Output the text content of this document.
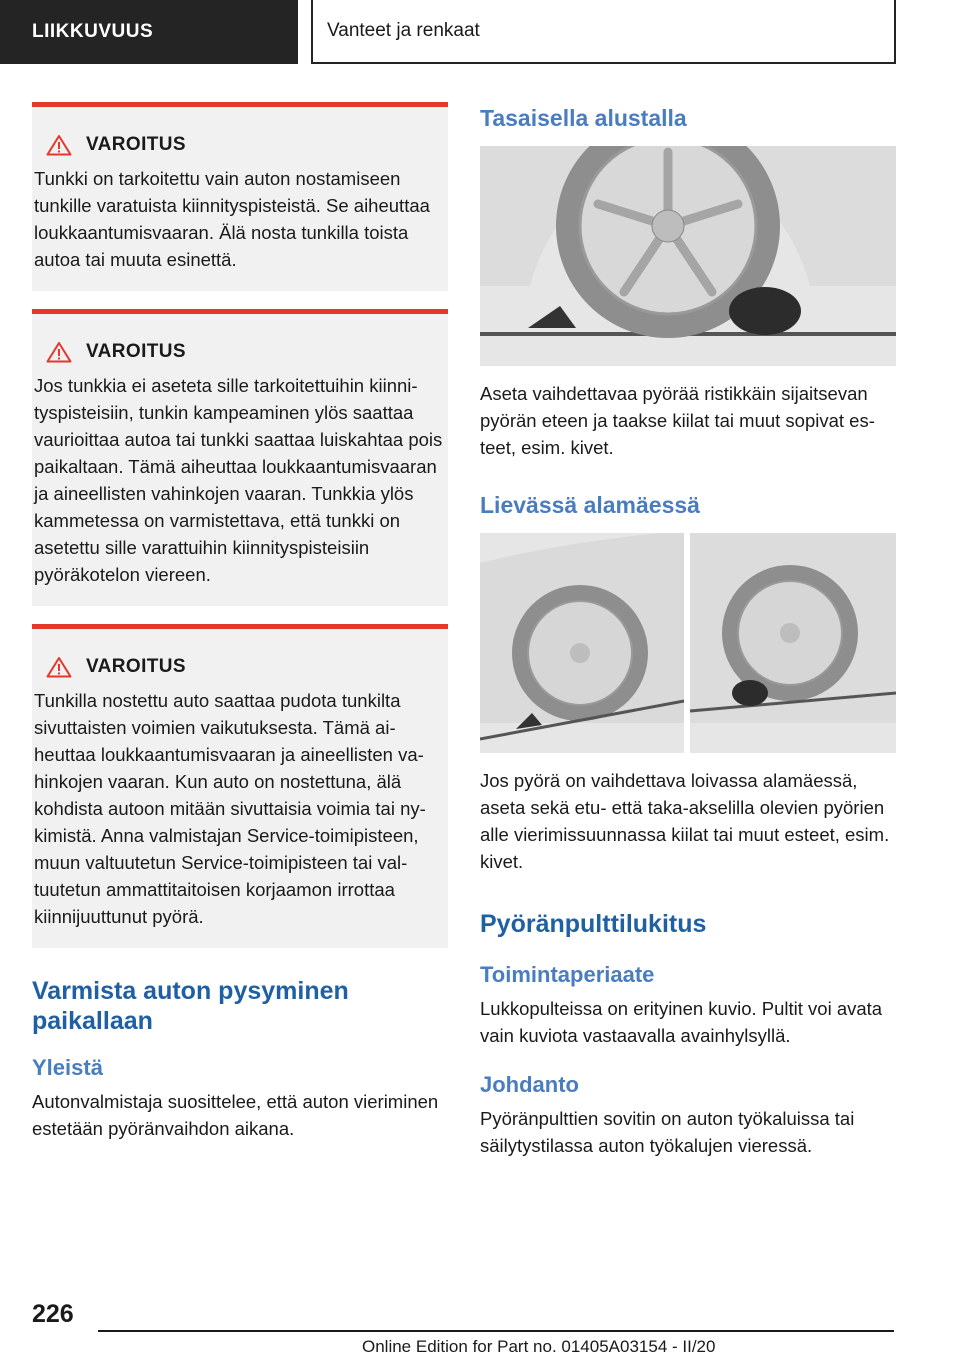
LIIKKUVUUS	Vanteet ja renkaat
VAROITUS

Tunkki on tarkoitettu vain auton nostamiseen tunkille varatuista kiinnityspisteistä. Se aiheuttaa loukkaantumisvaaran. Älä nosta tunkilla toista autoa tai muuta esinettä.

VAROITUS

Jos tunkkia ei aseteta sille tarkoitettuihin kiinnityspisteisiin, tunkin kampeaminen ylös saattaa vaurioittaa autoa tai tunkki saattaa luiskahtaa pois paikaltaan. Tämä aiheuttaa loukkaantumisvaaran ja aineellisten vahinkojen vaaran. Tunkkia ylös kammetessa on varmistettava, että tunkki on asetettu sille varattuihin kiinnityspisteisiin pyöräkotelon viereen.

VAROITUS

Tunkilla nostettu auto saattaa pudota tunkilta sivuttaisten voimien vaikutuksesta. Tämä aiheuttaa loukkaantumisvaaran ja aineellisten vahinkojen vaaran. Kun auto on nostettuna, älä kohdista autoon mitään sivuttaisia voimia tai nykimistä. Anna valmistajan Service-toimipisteen, muun valtuutetun Service-toimipisteen tai valtuutetun ammattitaitoisen korjaamon irrottaa kiinnijuuttunut pyörä.

Varmista auton pysyminen paikallaan
Yleistä

Autonvalmistaja suosittelee, että auton vieriminen estetään pyöränvaihdon aikana.

Tasaisella alustalla

Aseta vaihdettavaa pyörää ristikkäin sijaitsevan pyörän eteen ja taakse kiilat tai muut sopivat esteet, esim. kivet.

Lievässä alamäessä

Jos pyörä on vaihdettava loivassa alamäessä, aseta sekä etu- että taka-akselilla olevien pyörien alle vierimissuunnassa kiilat tai muut esteet, esim. kivet.

Pyöränpulttilukitus
Toimintaperiaate

Lukkopulteissa on erityinen kuvio. Pultit voi avata vain kuviota vastaavalla avainhylsyllä.

Johdanto

Pyöränpulttien sovitin on auton työkaluissa tai säilytystilassa auton työkalujen vieressä.

226
Online Edition for Part no. 01405A03154 - II/20
